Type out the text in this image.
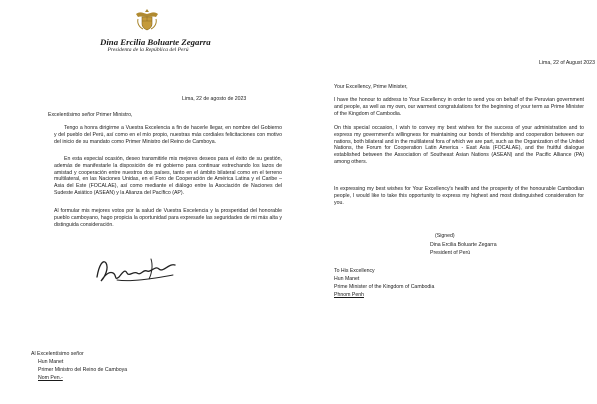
Dina Ercilia Boluarte Zegarra
Presidenta de la República del Perú

Lima, 22 de agosto de 2023

Excelentísimo señor Primer Ministro,

Tengo a honra dirigirme a Vuestra Excelencia a fin de hacerle llegar, en nombre del Gobierno y del pueblo del Perú, así como en el mío propio, nuestras más cordiales felicitaciones con motivo del inicio de su mandato como Primer Ministro del Reino de Camboya.

En esta especial ocasión, deseo transmitirle mis mejores deseos para el éxito de su gestión, además de manifestarle la disposición de mi gobierno para continuar estrechando los lazos de amistad y cooperación entre nuestros dos países, tanto en el ámbito bilateral como en el terreno multilateral, en las Naciones Unidas, en el Foro de Cooperación de América Latina y el Caribe – Asia del Este (FOCALAE), así como mediante el diálogo entre la Asociación de Naciones del Sudeste Asiático (ASEAN) y la Alianza del Pacífico (AP).

Al formular mis mejores votos por la salud de Vuestra Excelencia y la prosperidad del honorable pueblo camboyano, hago propicia la oportunidad para expresarle las seguridades de mi más alta y distinguida consideración.

Al Excelentísimo señor

Hun Manet

Primer Ministro del Reino de Camboya

Nom Pen.-

Lima, 22 of August 2023

Your Excellency, Prime Minister,

I have the honour to address to Your Excellency in order to send you on behalf of the Peruvian government and people, as well as my own, our warmest congratulations for the beginning of your term as Prime Minister of the Kingdom of Cambodia.

On this special occasion, I wish to convey my best wishes for the success of your administration and to express my government's willingness for maintaining our bonds of friendship and cooperation between our nations, both bilateral and in the multilateral fora of which we are part, such as the Organization of the United Nations, the Forum for Cooperation Latin America - East Asia (FOCALAE), and the fruitful dialogue established between the Association of Southeast Asian Nations (ASEAN) and the Pacific Alliance (PA) among others.

In expressing my best wishes for Your Excellency's health and the prosperity of the honourable Cambodian people, I would like to take this opportunity to express my highest and most distinguished consideration for you.

(Signed)

Dina Ercilia Boluarte Zegarra

President of Perú

To His Excellency

Hun Manet

Prime Minister of the Kingdom of Cambodia

Phnom Penh
